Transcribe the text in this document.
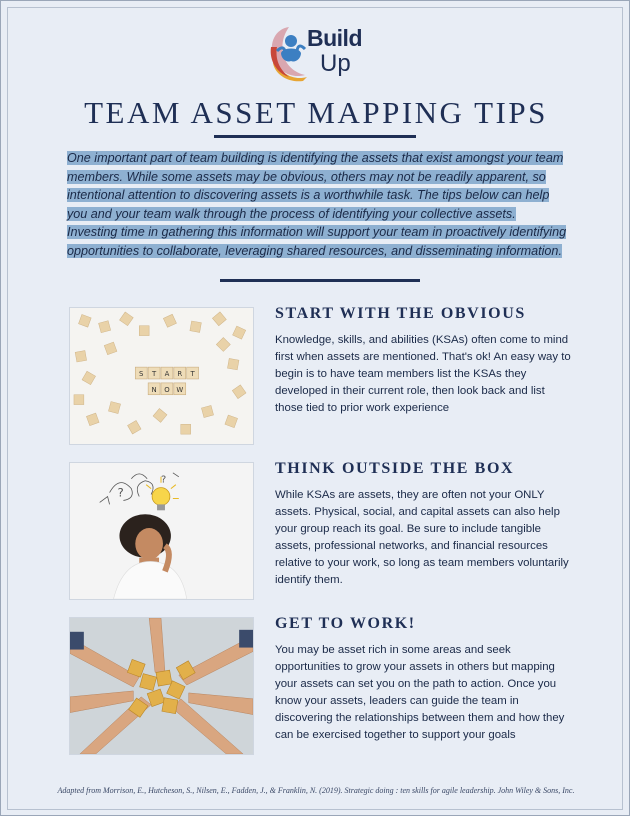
Build
Up
TEAM ASSET MAPPING TIPS

One important part of team building is identifying the assets that exist amongst your team members. While some assets may be obvious, others may not be readily apparent, so intentional attention to discovering assets is a worthwhile task. The tips below can help you and your team walk through the process of identifying your collective assets. Investing time in gathering this information will support your team in proactively identifying opportunities to collaborate, leveraging shared resources, and disseminating information.

S T A R T
N O W
START WITH THE OBVIOUS

Knowledge, skills, and abilities (KSAs) often come to mind first when assets are mentioned. That's ok! An easy way to begin is to have team members list the KSAs they developed in their current role, then look back and list those tied to prior work experience

?
?
THINK OUTSIDE THE BOX

While KSAs are assets, they are often not your ONLY assets. Physical, social, and capital assets can also help your group reach its goal. Be sure to include tangible assets, professional networks, and financial resources relative to your work, so long as team members voluntarily identify them.

GET TO WORK!

You may be asset rich in some areas and seek opportunities to grow your assets in others but mapping your assets can set you on the path to action. Once you know your assets, leaders can guide the team in discovering the relationships between them and how they can be exercised together to support your goals

Adapted from Morrison, E., Hutcheson, S., Nilsen, E., Fadden, J., & Franklin, N. (2019). Strategic doing : ten skills for agile leadership. John Wiley & Sons, Inc.
